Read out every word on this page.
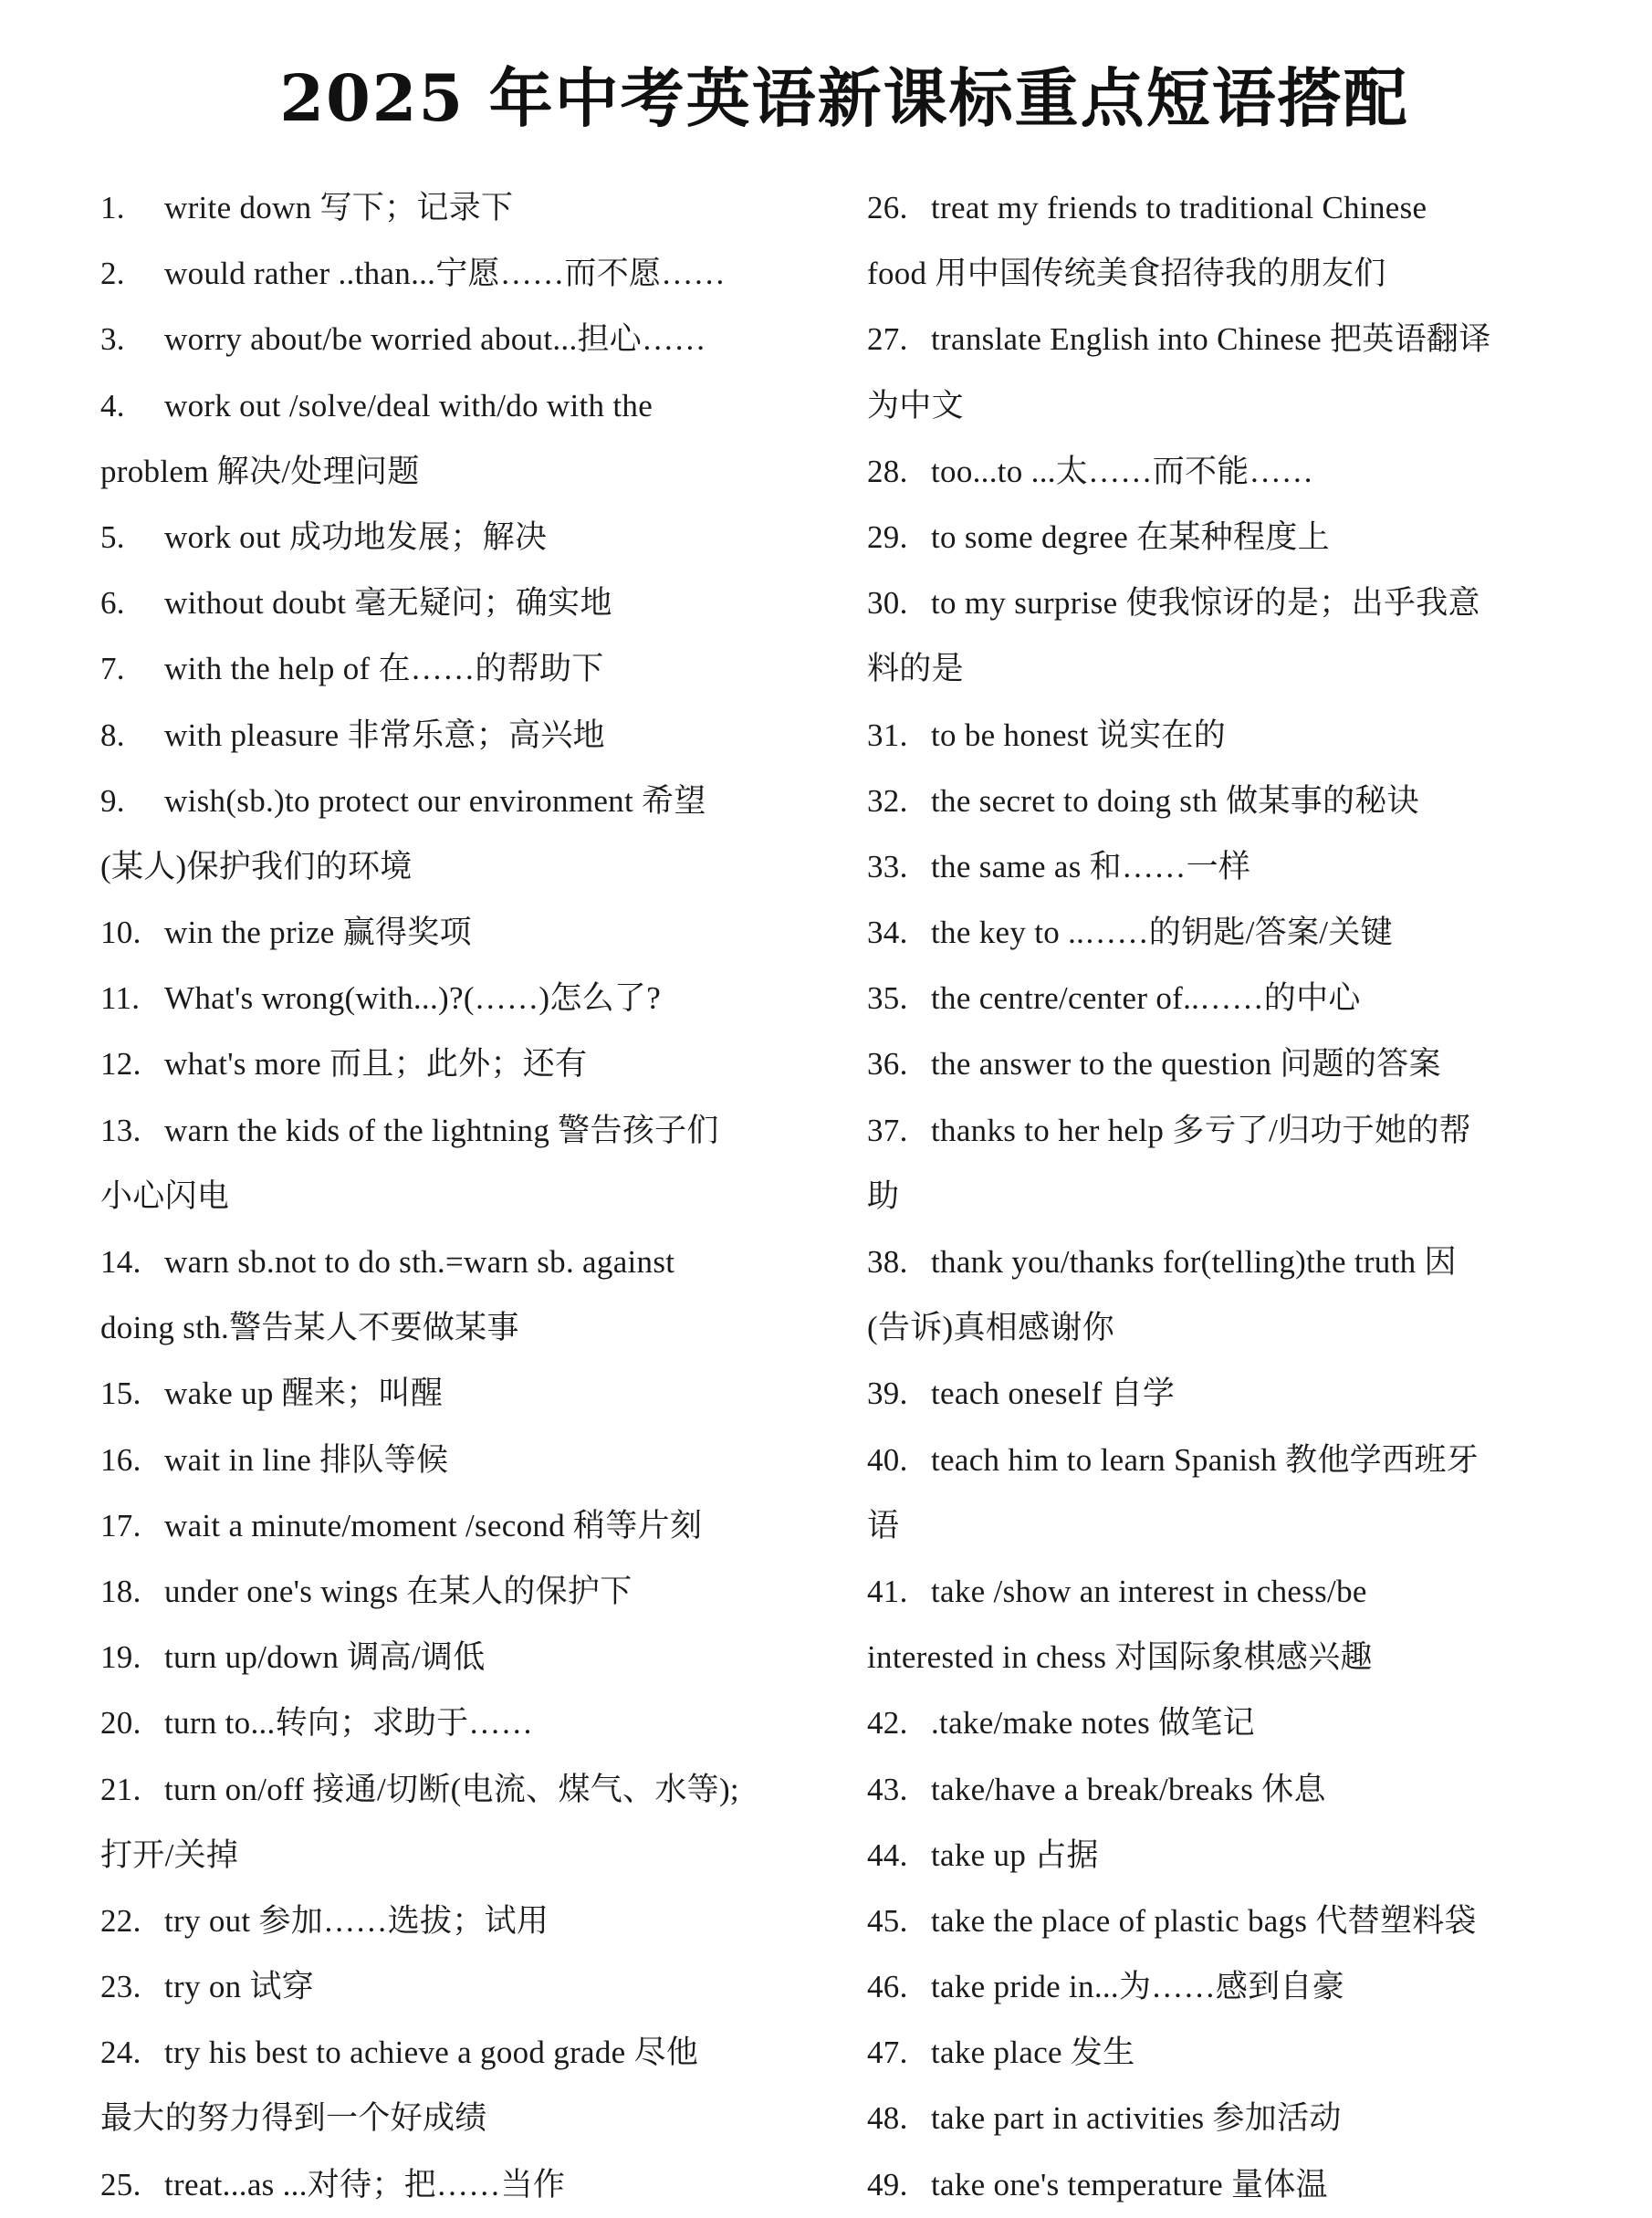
2025 年中考英语新课标重点短语搭配
1. write down 写下；记录下
2. would rather ..than...宁愿……而不愿……
3. worry about/be worried about...担心……
4. work out /solve/deal with/do with the
problem 解决/处理问题
5. work out 成功地发展；解决
6. without doubt 毫无疑问；确实地
7. with the help of 在……的帮助下
8. with pleasure 非常乐意；高兴地
9. wish(sb.)to protect our environment 希望
(某人)保护我们的环境
10. win the prize 赢得奖项
11. What's wrong(with...)?(……)怎么了?
12. what's more 而且；此外；还有
13. warn the kids of the lightning 警告孩子们
小心闪电
14. warn sb.not to do sth.=warn sb. against
doing sth.警告某人不要做某事
15. wake up 醒来；叫醒
16. wait in line 排队等候
17. wait a minute/moment /second 稍等片刻
18. under one's wings 在某人的保护下
19. turn up/down 调高/调低
20. turn to...转向；求助于……
21. turn on/off 接通/切断(电流、煤气、水等);
打开/关掉
22. try out 参加……选拔；试用
23. try on 试穿
24. try his best to achieve a good grade 尽他
最大的努力得到一个好成绩
25. treat...as ...对待；把……当作
26. treat my friends to traditional Chinese
food 用中国传统美食招待我的朋友们
27. translate English into Chinese 把英语翻译
为中文
28. too...to ...太……而不能……
29. to some degree 在某种程度上
30. to my surprise 使我惊讶的是；出乎我意
料的是
31. to be honest 说实在的
32. the secret to doing sth 做某事的秘诀
33. the same as 和……一样
34. the key to ..……的钥匙/答案/关键
35. the centre/center of..……的中心
36. the answer to the question 问题的答案
37. thanks to her help 多亏了/归功于她的帮
助
38. thank you/thanks for(telling)the truth 因
(告诉)真相感谢你
39. teach oneself 自学
40. teach him to learn Spanish 教他学西班牙
语
41. take /show an interest in chess/be
interested in chess 对国际象棋感兴趣
42. .take/make notes 做笔记
43. take/have a break/breaks 休息
44. take up 占据
45. take the place of plastic bags 代替塑料袋
46. take pride in...为……感到自豪
47. take place 发生
48. take part in activities 参加活动
49. take one's temperature 量体温
